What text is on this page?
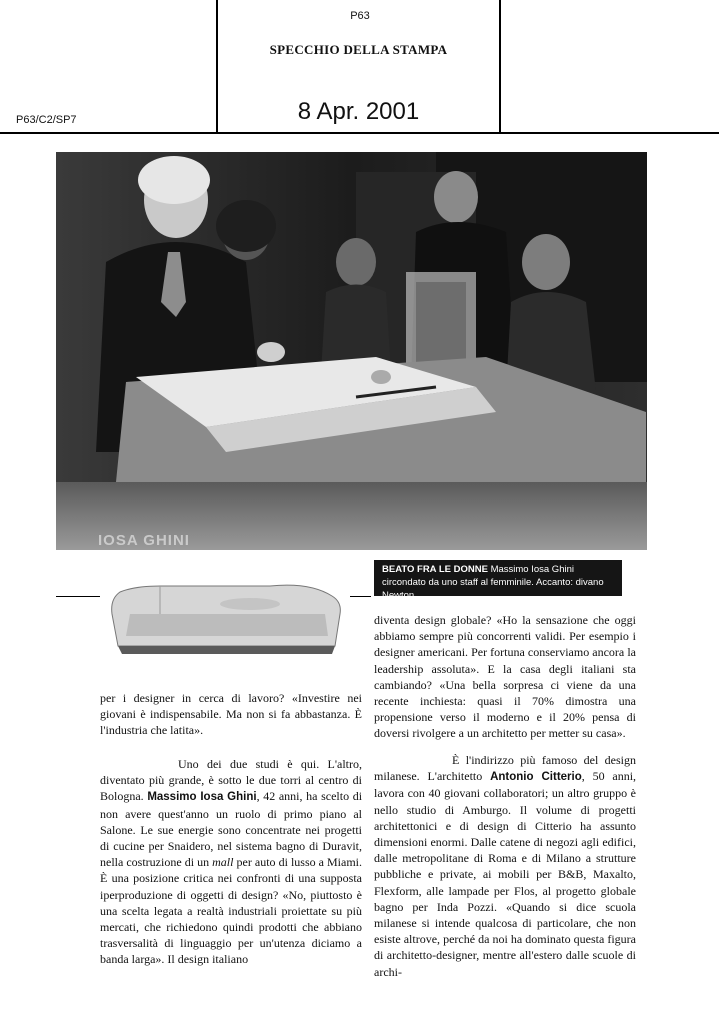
P63
SPECCHIO DELLA STAMPA
8 Apr. 2001
P63/C2/SP7
IOSA GHINI
BEATO FRA LE DONNE Massimo Iosa Ghini circondato da uno staff al femminile. Accanto: divano Newton

per i designer in cerca di lavoro? «Investire nei giovani è indispensabile. Ma non si fa abbastanza. È l'industria che latita».

Uno dei due studi è qui. L'altro, diventato più grande, è sotto le due torri al centro di Bologna. Massimo Iosa Ghini, 42 anni, ha scelto di non avere quest'anno un ruolo di primo piano al Salone. Le sue energie sono concentrate nei progetti di cucine per Snaidero, nel sistema bagno di Duravit, nella costruzione di un mall per auto di lusso a Miami. È una posizione critica nei confronti di una supposta iperproduzione di oggetti di design? «No, piuttosto è una scelta legata a realtà industriali proiettate su più mercati, che richiedono quindi prodotti che abbiano trasversalità di linguaggio per un'utenza diciamo a banda larga». Il design italiano

diventa design globale? «Ho la sensazione che oggi abbiamo sempre più concorrenti validi. Per esempio i designer americani. Per fortuna conserviamo ancora la leadership assoluta». E la casa degli italiani sta cambiando? «Una bella sorpresa ci viene da una recente inchiesta: quasi il 70% dimostra una propensione verso il moderno e il 20% pensa di doversi rivolgere a un architetto per metter su casa».

È l'indirizzo più famoso del design milanese. L'architetto Antonio Citterio, 50 anni, lavora con 40 giovani collaboratori; un altro gruppo è nello studio di Amburgo. Il volume di progetti architettonici e di design di Citterio ha assunto dimensioni enormi. Dalle catene di negozi agli edifici, dalle metropolitane di Roma e di Milano a strutture pubbliche e private, ai mobili per B&B, Maxalto, Flexform, alle lampade per Flos, al progetto globale bagno per Inda Pozzi. «Quando si dice scuola milanese si intende qualcosa di particolare, che non esiste altrove, perché da noi ha dominato questa figura di architetto-designer, mentre all'estero dalle scuole di archi-
